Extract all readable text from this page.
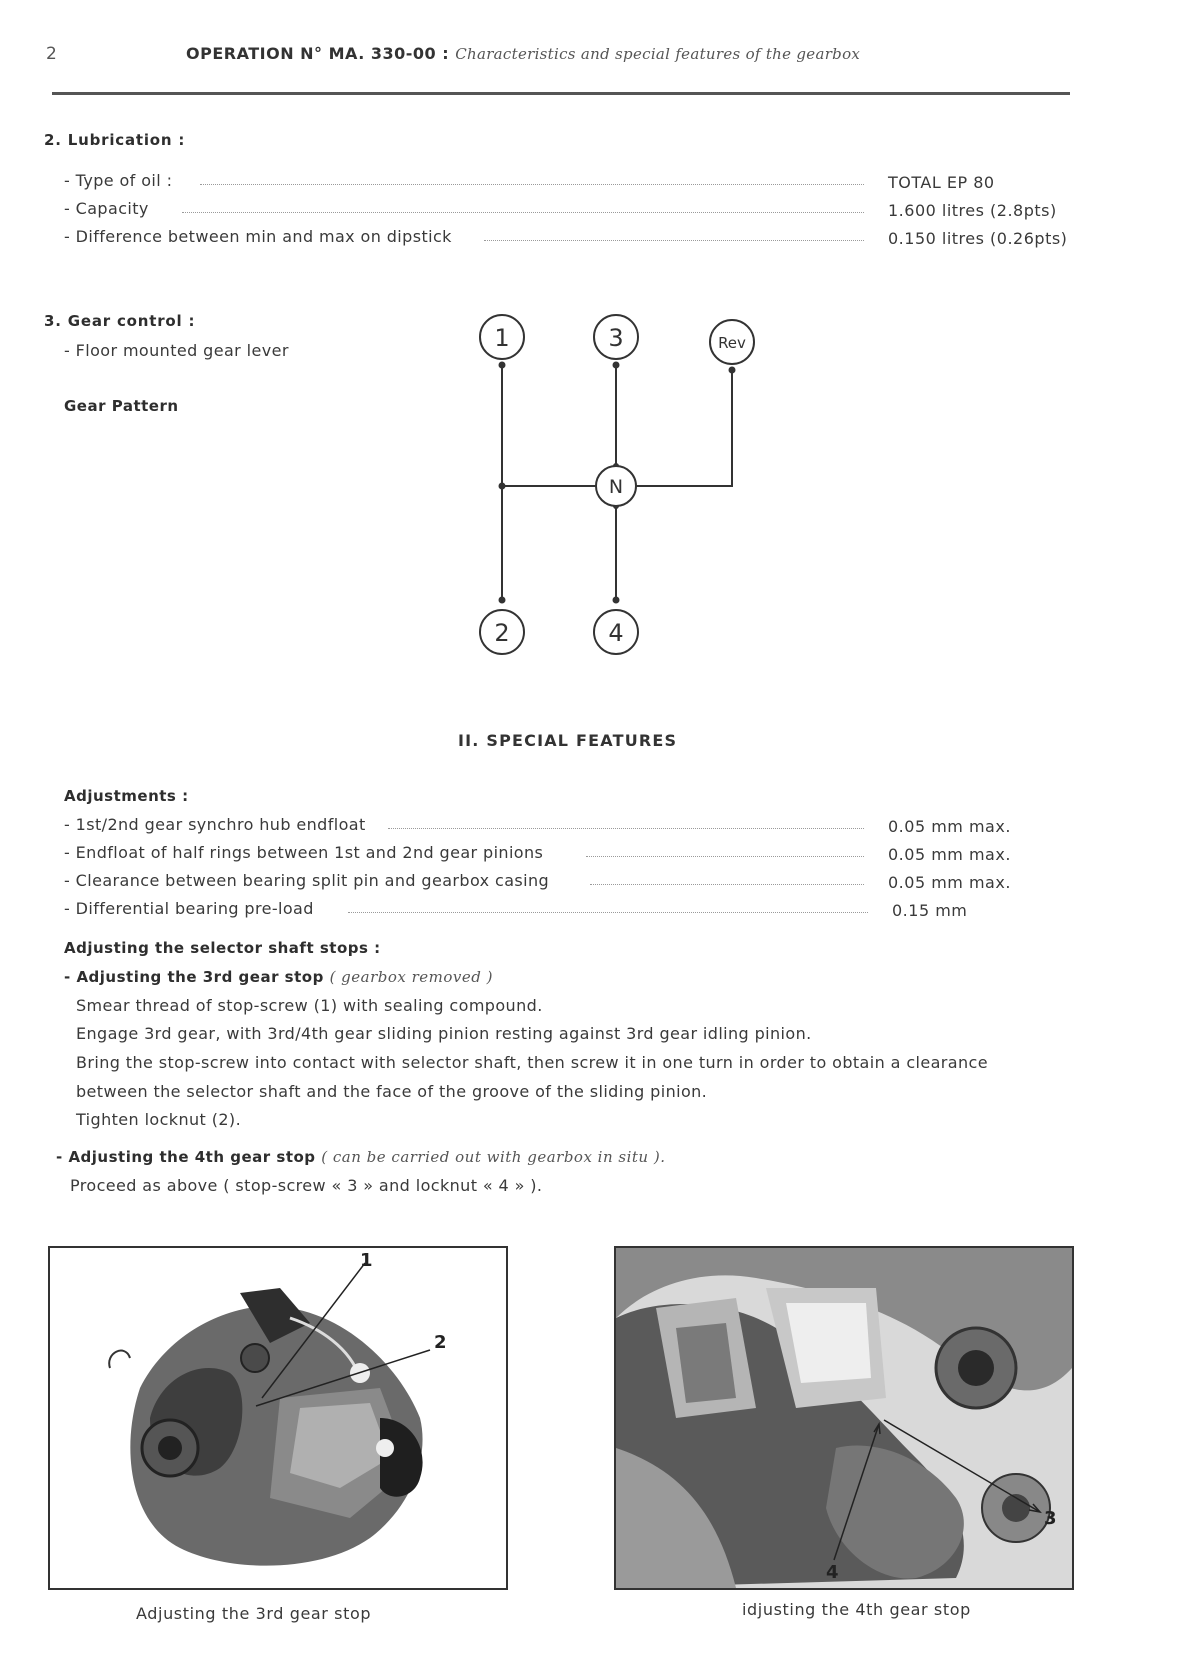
2	OPERATION N° MA. 330-00 : Characteristics and special features of the gearbox
2. Lubrication :
- Type of oil :	TOTAL EP 80
- Capacity	1.600 litres (2.8pts)
- Difference between min and max on dipstick	0.150 litres (0.26pts)
3. Gear control :
- Floor mounted gear lever
Gear Pattern
1	3	Rev
N
2	4
II. SPECIAL FEATURES
Adjustments :
- 1st/2nd gear synchro hub endfloat	0.05 mm max.
- Endfloat of half rings between 1st and 2nd gear pinions	0.05 mm max.
- Clearance between bearing split pin and gearbox casing	0.05 mm max.
- Differential bearing pre-load	0.15 mm
Adjusting the selector shaft stops :
- Adjusting the 3rd gear stop ( gearbox removed )
Smear thread of stop-screw (1) with sealing compound.
Engage 3rd gear, with 3rd/4th gear sliding pinion resting against 3rd gear idling pinion.
Bring the stop-screw into contact with selector shaft, then screw it in one turn in order to obtain a clearance
between the selector shaft and the face of the groove of the sliding pinion.
Tighten locknut (2).
- Adjusting the 4th gear stop ( can be carried out with gearbox in situ ).
Proceed as above ( stop-screw « 3 » and locknut « 4 » ).
1
2
Adjusting the 3rd gear stop
3
4
idjusting the 4th gear stop
